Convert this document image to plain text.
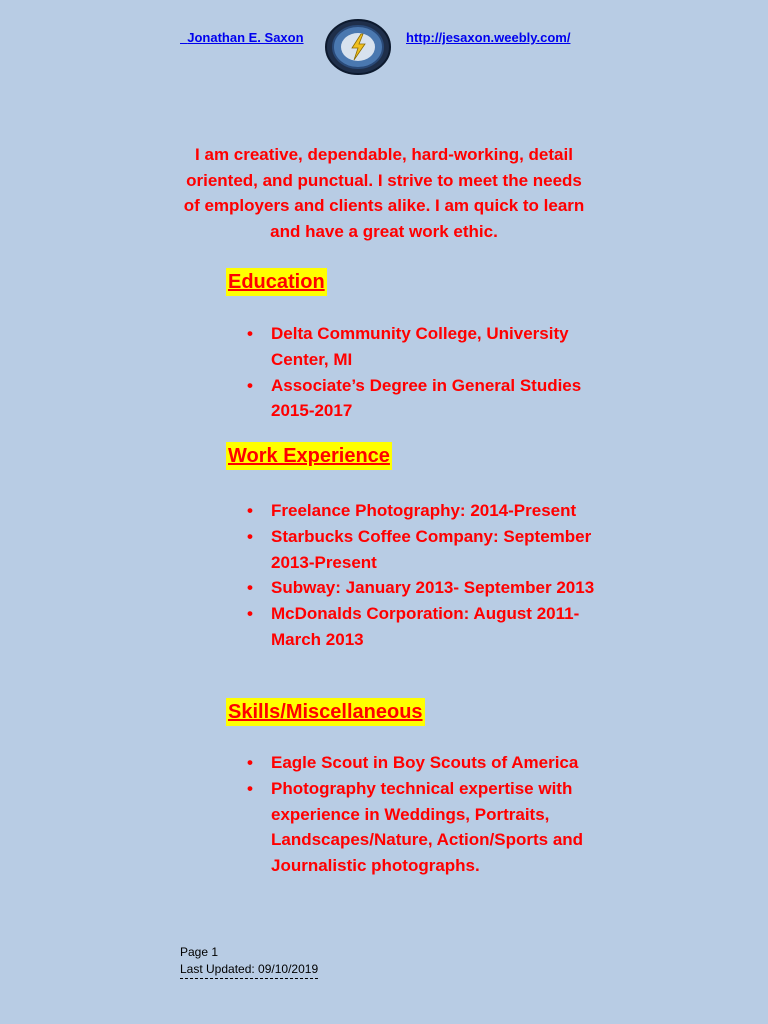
Jonathan E. Saxon	http://jesaxon.weebly.com/
I am creative, dependable, hard-working, detail oriented, and punctual. I strive to meet the needs of employers and clients alike. I am quick to learn and have a great work ethic.
Education
• Delta Community College, University Center, MI
• Associate’s Degree in General Studies 2015-2017
Work Experience
• Freelance Photography: 2014-Present
• Starbucks Coffee Company: September 2013-Present
• Subway: January 2013- September 2013
• McDonalds Corporation: August 2011- March 2013
Skills/Miscellaneous
• Eagle Scout in Boy Scouts of America
• Photography technical expertise with experience in Weddings, Portraits, Landscapes/Nature, Action/Sports and Journalistic photographs.
Page 1
Last Updated: 09/10/2019
